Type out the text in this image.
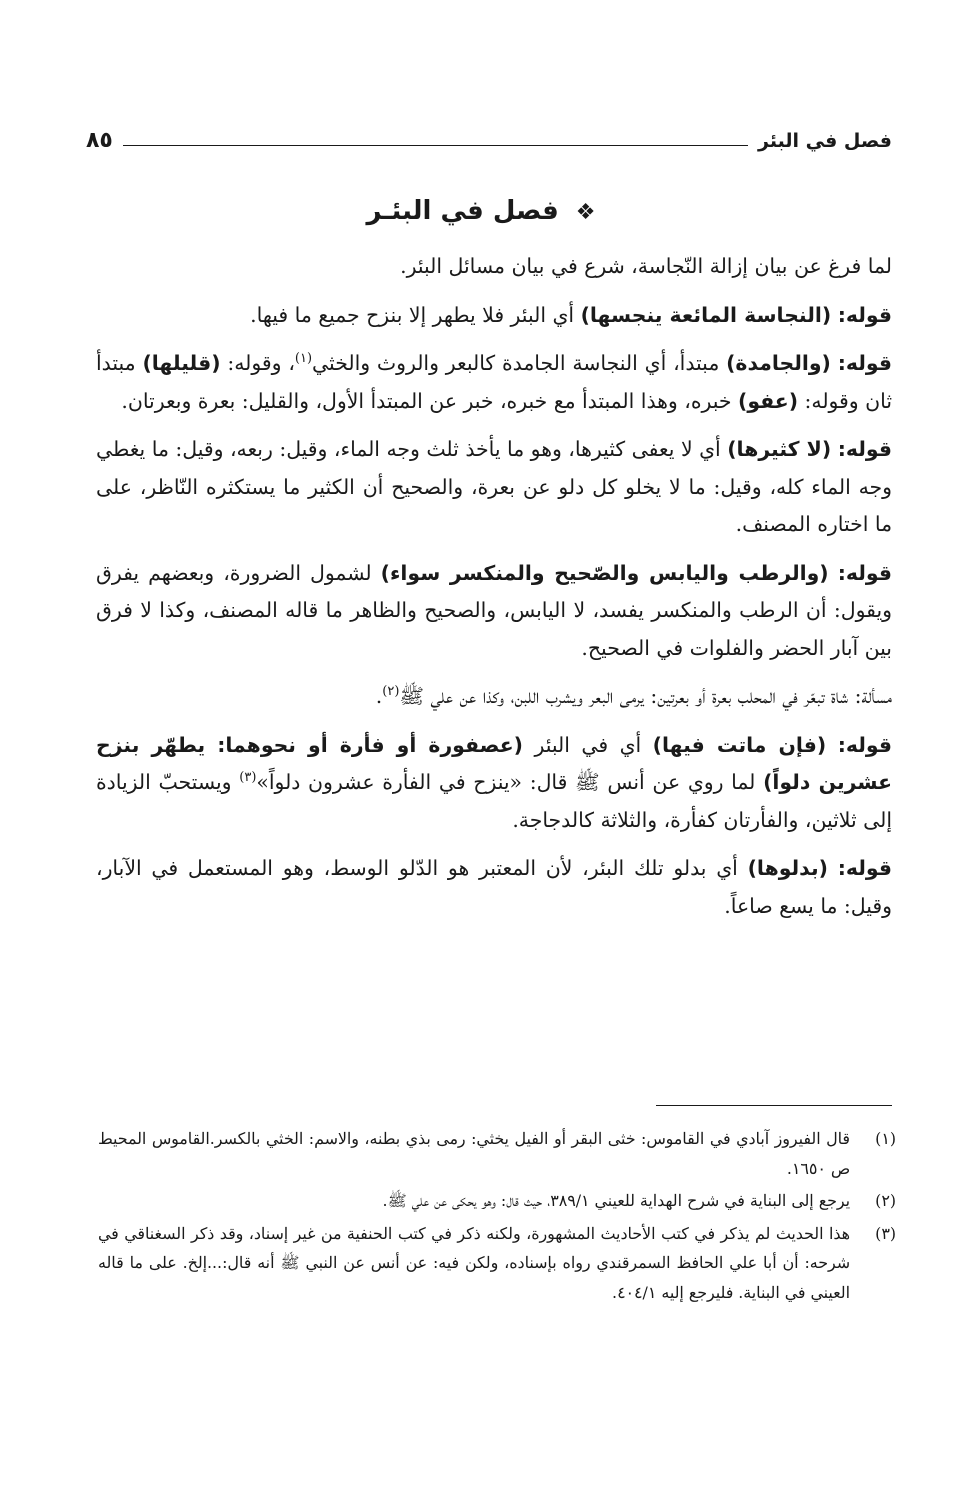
فصل في البئر
٨٥
❖ فصل في البئـر

لما فرغ عن بيان إزالة النّجاسة، شرع في بيان مسائل البئر.

قوله: (النجاسة المائعة ينجسها) أي البئر فلا يطهر إلا بنزح جميع ما فيها.

قوله: (والجامدة) مبتدأ، أي النجاسة الجامدة كالبعر والروث والخثي$^{(١)}$، وقوله: (قليلها) مبتدأ ثان وقوله: (عفو) خبره، وهذا المبتدأ مع خبره، خبر عن المبتدأ الأول، والقليل: بعرة وبعرتان.

قوله: (لا كثيرها) أي لا يعفى كثيرها، وهو ما يأخذ ثلث وجه الماء، وقيل: ربعه، وقيل: ما يغطي وجه الماء كله، وقيل: ما لا يخلو كل دلو عن بعرة، والصحيح أن الكثير ما يستكثره النّاظر، على ما اختاره المصنف.

قوله: (والرطب واليابس والصّحيح والمنكسر سواء) لشمول الضرورة، وبعضهم يفرق ويقول: أن الرطب والمنكسر يفسد، لا اليابس، والصحيح والظاهر ما قاله المصنف، وكذا لا فرق بين آبار الحضر والفلوات في الصحيح.

مسألة: شاة تبعّر في المحلب بعرة أو بعرتين: يرمى البعر ويشرب اللبن، وكذا عن علي ﷺ$^{(٢)}$.

قوله: (فإن ماتت فيها) أي في البئر (عصفورة أو فأرة أو نحوهما: يطهّر بنزح عشرين دلواً) لما روي عن أنس ﷺ قال: «ينزح في الفأرة عشرون دلواً»$^{(٣)}$ ويستحبّ الزيادة إلى ثلاثين، والفأرتان كفأرة، والثلاثة كالدجاجة.

قوله: (بدلوها) أي بدلو تلك البئر، لأن المعتبر هو الدّلو الوسط، وهو المستعمل في الآبار، وقيل: ما يسع صاعاً.

(١)
قال الفيروز آبادي في القاموس: خثى البقر أو الفيل يخثي: رمى بذي بطنه، والاسم: الخثي بالكسر.القاموس المحيط ص ١٦٥٠.
(٢)
يرجع إلى البناية في شرح الهداية للعيني ٣٨٩/١، حيث قال: وهو يحكى عن علي ﷺ.
(٣)
هذا الحديث لم يذكر في كتب الأحاديث المشهورة، ولكنه ذكر في كتب الحنفية من غير إسناد، وقد ذكر السغناقي في شرحه: أن أبا علي الحافظ السمرقندي رواه بإسناده، ولكن فيه: عن أنس عن النبي ﷺ أنه قال:...إلخ. على ما قاله العيني في البناية. فليرجع إليه ٤٠٤/١.
